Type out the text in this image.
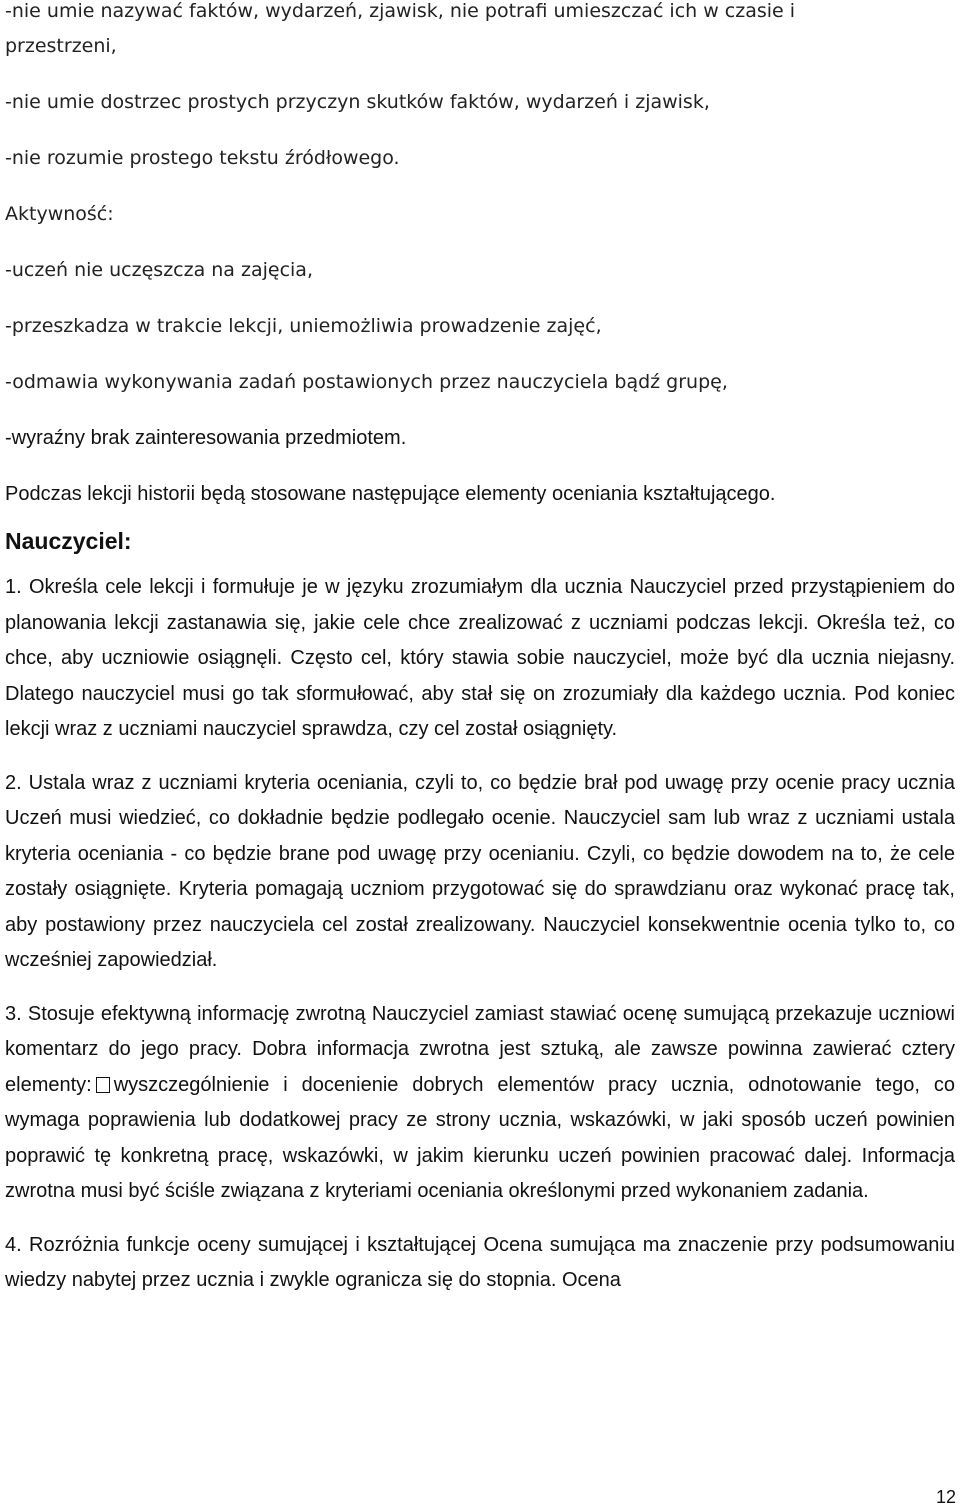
-nie umie nazywać faktów, wydarzeń, zjawisk, nie potrafi umieszczać ich w czasie i
przestrzeni,
-nie umie dostrzec prostych przyczyn skutków faktów, wydarzeń i zjawisk,
-nie rozumie prostego tekstu źródłowego.
Aktywność:
-uczeń nie uczęszcza na zajęcia,
-przeszkadza w trakcie lekcji, uniemożliwia prowadzenie zajęć,
-odmawia wykonywania zadań postawionych przez nauczyciela bądź grupę,
-wyraźny brak zainteresowania przedmiotem.
Podczas lekcji historii będą stosowane następujące elementy oceniania kształtującego.
Nauczyciel:

1. Określa cele lekcji i formułuje je w języku zrozumiałym dla ucznia Nauczyciel przed przystąpieniem do planowania lekcji zastanawia się, jakie cele chce zrealizować z uczniami podczas lekcji. Określa też, co chce, aby uczniowie osiągnęli. Często cel, który stawia sobie nauczyciel, może być dla ucznia niejasny. Dlatego nauczyciel musi go tak sformułować, aby stał się on zrozumiały dla każdego ucznia. Pod koniec lekcji wraz z uczniami nauczyciel sprawdza, czy cel został osiągnięty.

2. Ustala wraz z uczniami kryteria oceniania, czyli to, co będzie brał pod uwagę przy ocenie pracy ucznia Uczeń musi wiedzieć, co dokładnie będzie podlegało ocenie. Nauczyciel sam lub wraz z uczniami ustala kryteria oceniania - co będzie brane pod uwagę przy ocenianiu. Czyli, co będzie dowodem na to, że cele zostały osiągnięte. Kryteria pomagają uczniom przygotować się do sprawdzianu oraz wykonać pracę tak, aby postawiony przez nauczyciela cel został zrealizowany. Nauczyciel konsekwentnie ocenia tylko to, co wcześniej zapowiedział.

3. Stosuje efektywną informację zwrotną Nauczyciel zamiast stawiać ocenę sumującą przekazuje uczniowi komentarz do jego pracy. Dobra informacja zwrotna jest sztuką, ale zawsze powinna zawierać cztery elementy: wyszczególnienie i docenienie dobrych elementów pracy ucznia, odnotowanie tego, co wymaga poprawienia lub dodatkowej pracy ze strony ucznia, wskazówki, w jaki sposób uczeń powinien poprawić tę konkretną pracę, wskazówki, w jakim kierunku uczeń powinien pracować dalej. Informacja zwrotna musi być ściśle związana z kryteriami oceniania określonymi przed wykonaniem zadania.

4. Rozróżnia funkcje oceny sumującej i kształtującej Ocena sumująca ma znaczenie przy podsumowaniu wiedzy nabytej przez ucznia i zwykle ogranicza się do stopnia. Ocena

12
